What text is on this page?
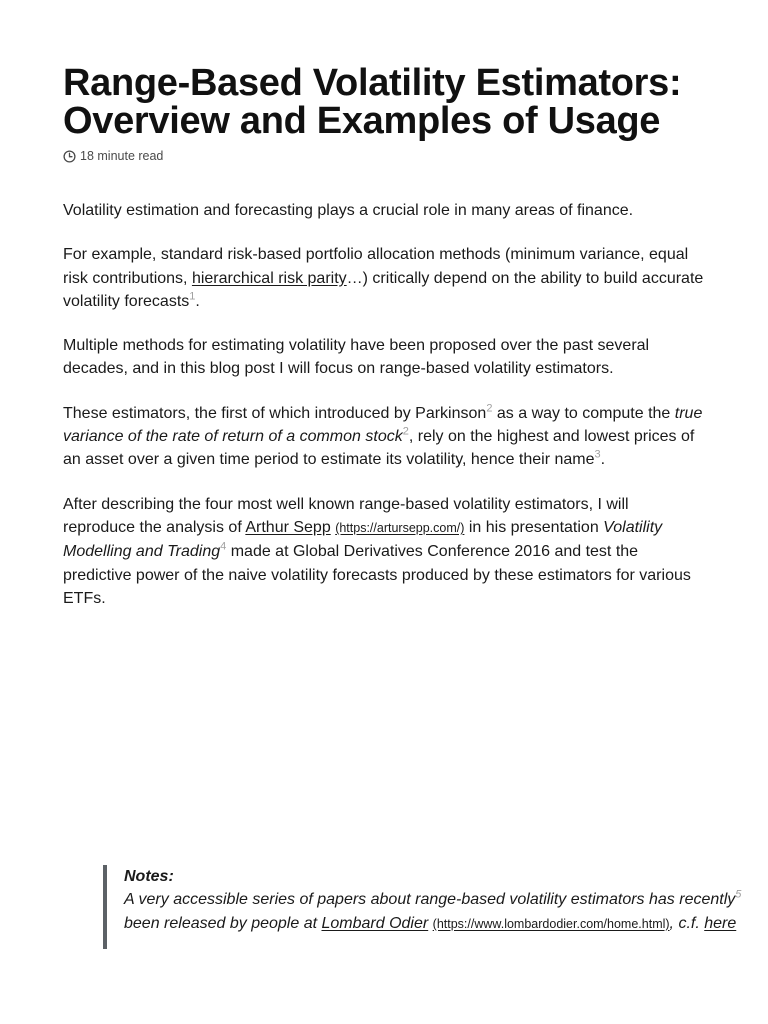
Range-Based Volatility Estimators: Overview and Examples of Usage
18 minute read

Volatility estimation and forecasting plays a crucial role in many areas of finance.

For example, standard risk-based portfolio allocation methods (minimum variance, equal risk contributions, hierarchical risk parity…) critically depend on the ability to build accurate volatility forecasts$^1$.

Multiple methods for estimating volatility have been proposed over the past several decades, and in this blog post I will focus on range-based volatility estimators.

These estimators, the first of which introduced by Parkinson$^2$ as a way to compute the true variance of the rate of return of a common stock$^2$, rely on the highest and lowest prices of an asset over a given time period to estimate its volatility, hence their name$^3$.

After describing the four most well known range-based volatility estimators, I will reproduce the analysis of Arthur Sepp (https://artursepp.com/) in his presentation Volatility Modelling and Trading$^4$ made at Global Derivatives Conference 2016 and test the predictive power of the naive volatility forecasts produced by these estimators for various ETFs.

Notes:
A very accessible series of papers about range-based volatility estimators has recently$^5$ been released by people at Lombard Odier (https://www.lombardodier.com/home.html), c.f. here
